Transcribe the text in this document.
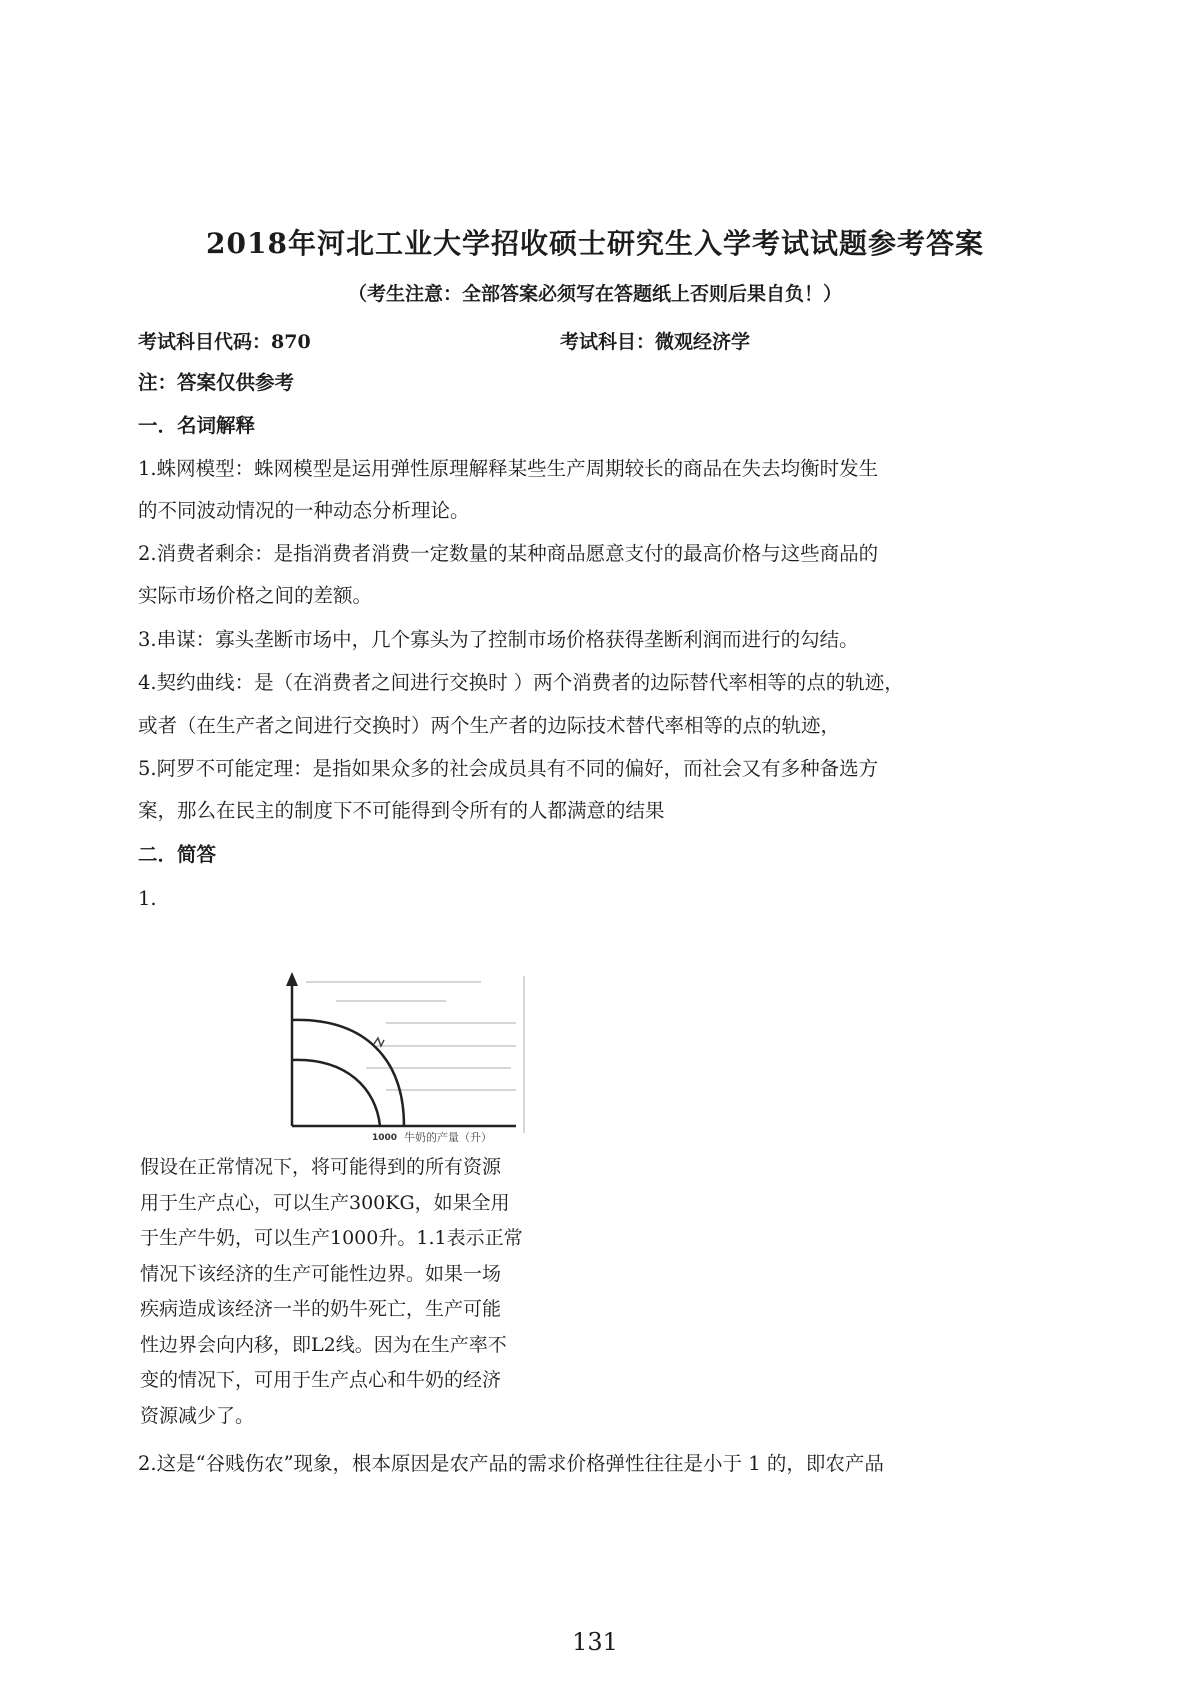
2018年河北工业大学招收硕士研究生入学考试试题参考答案
（考生注意：全部答案必须写在答题纸上否则后果自负！）
考试科目代码：870	考试科目：微观经济学
注：答案仅供参考
一．名词解释
1.蛛网模型：蛛网模型是运用弹性原理解释某些生产周期较长的商品在失去均衡时发生
的不同波动情况的一种动态分析理论。
2.消费者剩余：是指消费者消费一定数量的某种商品愿意支付的最高价格与这些商品的
实际市场价格之间的差额。
3.串谋：寡头垄断市场中，几个寡头为了控制市场价格获得垄断利润而进行的勾结。
4.契约曲线：是（在消费者之间进行交换时 ）两个消费者的边际替代率相等的点的轨迹，
或者（在生产者之间进行交换时）两个生产者的边际技术替代率相等的点的轨迹，
5.阿罗不可能定理：是指如果众多的社会成员具有不同的偏好，而社会又有多种备选方
案，那么在民主的制度下不可能得到令所有的人都满意的结果
二．简答
1.
1000 牛奶的产量（升）
假设在正常情况下，将可能得到的所有资源
用于生产点心，可以生产300KG，如果全用
于生产牛奶，可以生产1000升。1.1表示正常
情况下该经济的生产可能性边界。如果一场
疾病造成该经济一半的奶牛死亡，生产可能
性边界会向内移，即L2线。因为在生产率不
变的情况下，可用于生产点心和牛奶的经济
资源减少了。
2.这是“谷贱伤农”现象，根本原因是农产品的需求价格弹性往往是小于 1 的，即农产品
131
